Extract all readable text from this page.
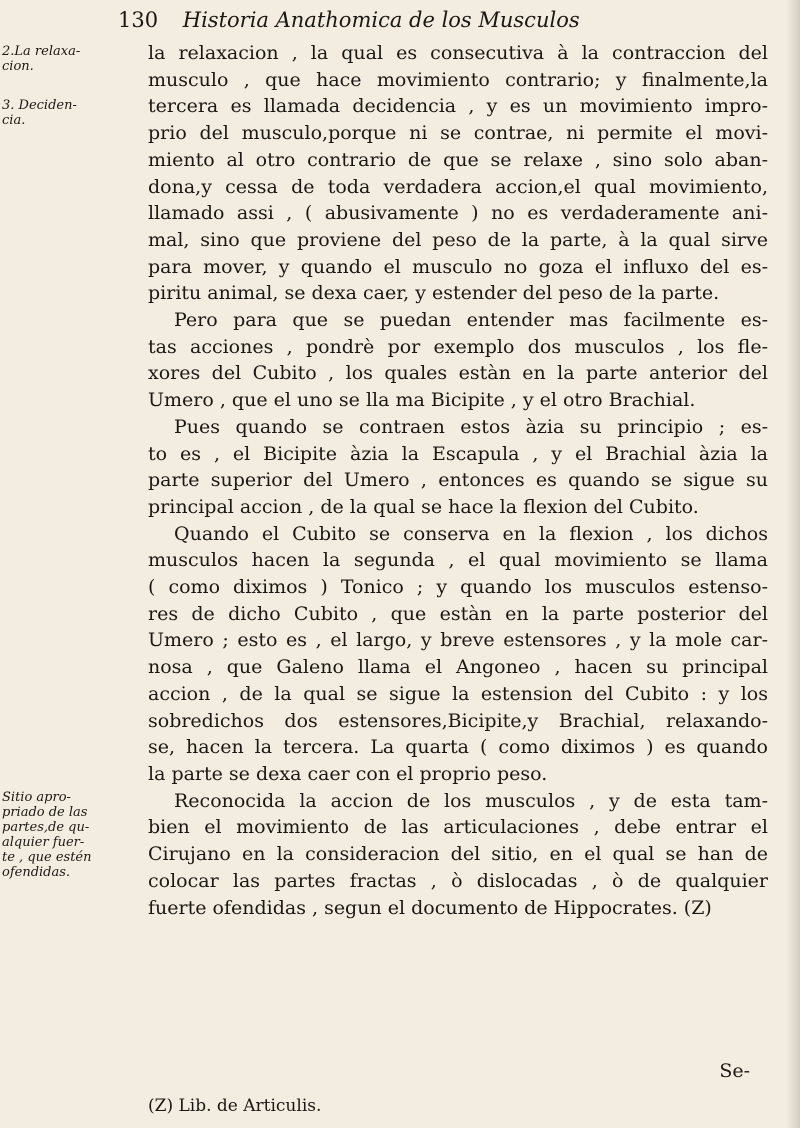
130 Historia Anathomica de los Musculos
2.La relaxa-
cion.
3. Deciden-
cia.
Sitio apro-
priado de las
partes,de qu-
alquier fuer-
te , que estén
ofendidas.
la relaxacion , la qual es consecutiva à la contraccion del
musculo , que hace movimiento contrario; y finalmente,la
tercera es llamada decidencia , y es un movimiento impro-
prio del musculo,porque ni se contrae, ni permite el movi-
miento al otro contrario de que se relaxe , sino solo aban-
dona,y cessa de toda verdadera accion,el qual movimiento,
llamado assi , ( abusivamente ) no es verdaderamente ani-
mal, sino que proviene del peso de la parte, à la qual sirve
para mover, y quando el musculo no goza el influxo del es-
piritu animal, se dexa caer, y estender del peso de la parte.
Pero para que se puedan entender mas facilmente es-
tas acciones , pondrè por exemplo dos musculos , los fle-
xores del Cubito , los quales estàn en la parte anterior del
Umero , que el uno se lla ma Bicipite , y el otro Brachial.
Pues quando se contraen estos àzia su principio ; es-
to es , el Bicipite àzia la Escapula , y el Brachial àzia la
parte superior del Umero , entonces es quando se sigue su
principal accion , de la qual se hace la flexion del Cubito.
Quando el Cubito se conserva en la flexion , los dichos
musculos hacen la segunda , el qual movimiento se llama
( como diximos ) Tonico ; y quando los musculos estenso-
res de dicho Cubito , que estàn en la parte posterior del
Umero ; esto es , el largo, y breve estensores , y la mole car-
nosa , que Galeno llama el Angoneo , hacen su principal
accion , de la qual se sigue la estension del Cubito : y los
sobredichos dos estensores,Bicipite,y Brachial, relaxando-
se, hacen la tercera. La quarta ( como diximos ) es quando
la parte se dexa caer con el proprio peso.
Reconocida la accion de los musculos , y de esta tam-
bien el movimiento de las articulaciones , debe entrar el
Cirujano en la consideracion del sitio, en el qual se han de
colocar las partes fractas , ò dislocadas , ò de qualquier
fuerte ofendidas , segun el documento de Hippocrates. (Z)
Se-
(Z) Lib. de Articulis.
